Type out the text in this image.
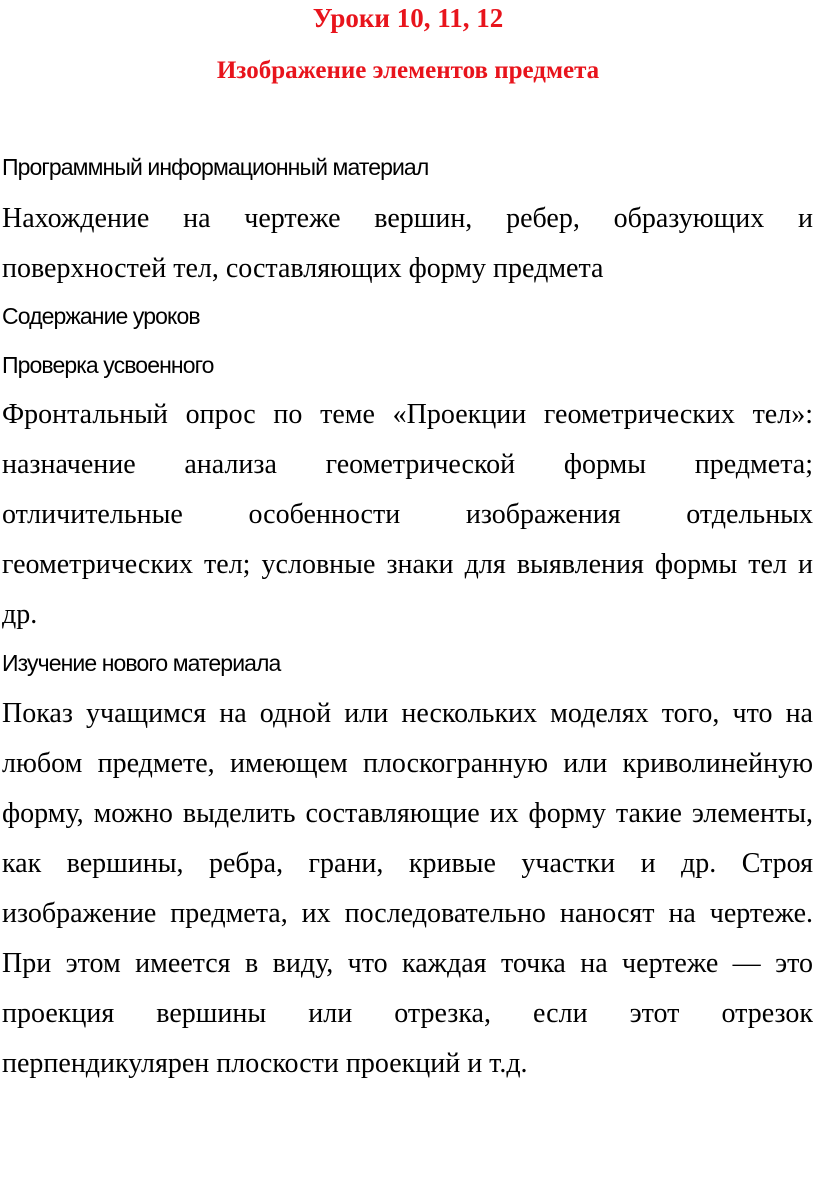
Уроки 10, 11, 12
Изображение элементов предмета
Программный информационный материал
Нахождение на чертеже вершин, ребер, образующих и поверхностей тел, составляющих форму предмета
Содержание уроков
Проверка усвоенного
Фронтальный опрос по теме «Проекции геометрических тел»: назначение анализа геометрической формы предмета; отличительные особенности изображения отдельных геометрических тел; условные знаки для выявления формы тел и др.
Изучение нового материала
Показ учащимся на одной или нескольких моделях того, что на любом предмете, имеющем плоскогранную или криволинейную форму, можно выделить составляющие их форму такие элементы, как вершины, ребра, грани, кривые участки и др. Строя изображение предмета, их последовательно наносят на чертеже. При этом имеется в виду, что каждая точка на чертеже — это проекция вершины или отрезка, если этот отрезок перпендикулярен плоскости проекций и т.д.
